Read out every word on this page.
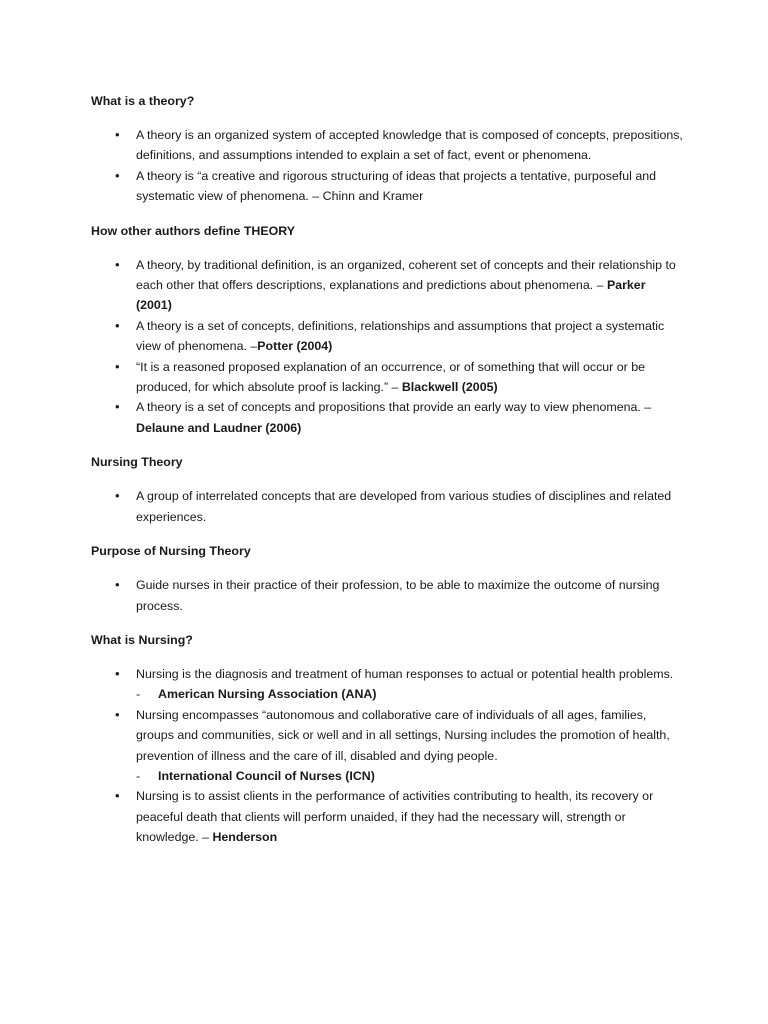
What is a theory?

• A theory is an organized system of accepted knowledge that is composed of concepts, prepositions, definitions, and assumptions intended to explain a set of fact, event or phenomena.
• A theory is “a creative and rigorous structuring of ideas that projects a tentative, purposeful and systematic view of phenomena. – Chinn and Kramer

How other authors define THEORY

• A theory, by traditional definition, is an organized, coherent set of concepts and their relationship to each other that offers descriptions, explanations and predictions about phenomena. – Parker (2001)
• A theory is a set of concepts, definitions, relationships and assumptions that project a systematic view of phenomena. –Potter (2004)
• “It is a reasoned proposed explanation of an occurrence, or of something that will occur or be produced, for which absolute proof is lacking.” – Blackwell (2005)
• A theory is a set of concepts and propositions that provide an early way to view phenomena. – Delaune and Laudner (2006)

Nursing Theory

• A group of interrelated concepts that are developed from various studies of disciplines and related experiences.

Purpose of Nursing Theory

• Guide nurses in their practice of their profession, to be able to maximize the outcome of nursing process.

What is Nursing?

• Nursing is the diagnosis and treatment of human responses to actual or potential health problems.
- American Nursing Association (ANA)
• Nursing encompasses “autonomous and collaborative care of individuals of all ages, families, groups and communities, sick or well and in all settings, Nursing includes the promotion of health, prevention of illness and the care of ill, disabled and dying people.
- International Council of Nurses (ICN)
• Nursing is to assist clients in the performance of activities contributing to health, its recovery or peaceful death that clients will perform unaided, if they had the necessary will, strength or knowledge. – Henderson
